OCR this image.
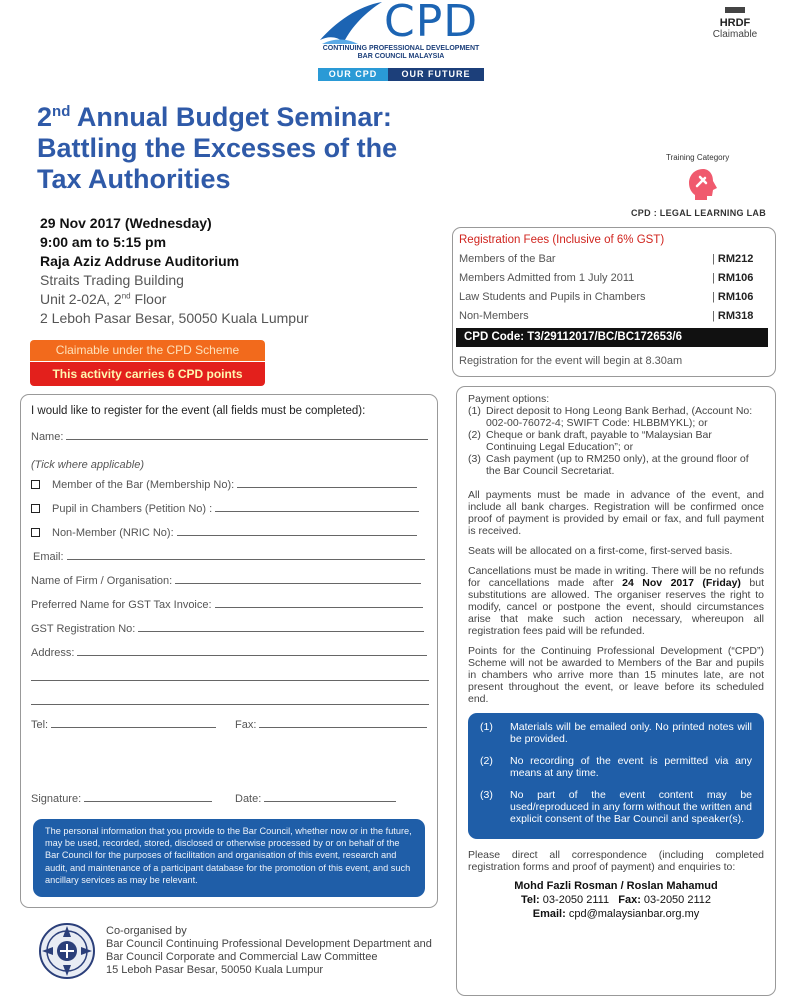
CPD
CONTINUING PROFESSIONAL DEVELOPMENT
BAR COUNCIL MALAYSIA
OUR CPD	OUR FUTURE
HRDF
Claimable
2nd Annual Budget Seminar:
Battling the Excesses of the
Tax Authorities
Training Category
CPD : LEGAL LEARNING LAB
29 Nov 2017 (Wednesday)
9:00 am to 5:15 pm
Raja Aziz Addruse Auditorium
Straits Trading Building
Unit 2-02A, 2nd Floor
2 Leboh Pasar Besar, 50050 Kuala Lumpur
Claimable under the CPD Scheme
This activity carries 6 CPD points
Registration Fees (Inclusive of 6% GST)
Members of the Bar	| RM212
Members Admitted from 1 July 2011	| RM106
Law Students and Pupils in Chambers	| RM106
Non-Members	| RM318
CPD Code: T3/29112017/BC/BC172653/6
Registration for the event will begin at 8.30am
I would like to register for the event (all fields must be completed):
Name:
(Tick where applicable)
Member of the Bar (Membership No):
Pupil in Chambers (Petition No) :
Non-Member (NRIC No):
Email:
Name of Firm / Organisation:
Preferred Name for GST Tax Invoice:
GST Registration No:
Address:
Tel:	Fax:
Signature:	Date:
The personal information that you provide to the Bar Council, whether now or in the future, may be used, recorded, stored, disclosed or otherwise processed by or on behalf of the Bar Council for the purposes of facilitation and organisation of this event, research and audit, and maintenance of a participant database for the promotion of this event, and such ancillary services as may be relevant.

Payment options:

(1) Direct deposit to Hong Leong Bank Berhad, (Account No: 002-00-76072-4; SWIFT Code: HLBBMYKL); or
(2) Cheque or bank draft, payable to “Malaysian Bar Continuing Legal Education”; or
(3) Cash payment (up to RM250 only), at the ground floor of the Bar Council Secretariat.

All payments must be made in advance of the event, and include all bank charges. Registration will be confirmed once proof of payment is provided by email or fax, and full payment is received.

Seats will be allocated on a first-come, first-served basis.

Cancellations must be made in writing. There will be no refunds for cancellations made after 24 Nov 2017 (Friday) but substitutions are allowed. The organiser reserves the right to modify, cancel or postpone the event, should circumstances arise that make such action necessary, whereupon all registration fees paid will be refunded.

Points for the Continuing Professional Development (“CPD”) Scheme will not be awarded to Members of the Bar and pupils in chambers who arrive more than 15 minutes late, are not present throughout the event, or leave before its scheduled end.

(1)	Materials will be emailed only. No printed notes will be provided.
(2)	No recording of the event is permitted via any means at any time.
(3)	No part of the event content may be used/reproduced in any form without the written and explicit consent of the Bar Council and speaker(s).

Please direct all correspondence (including completed registration forms and proof of payment) and enquiries to:

Mohd Fazli Rosman / Roslan Mahamud
Tel: 03-2050 2111 Fax: 03-2050 2112
Email: cpd@malaysianbar.org.my
Co-organised by
Bar Council Continuing Professional Development Department and
Bar Council Corporate and Commercial Law Committee
15 Leboh Pasar Besar, 50050 Kuala Lumpur
